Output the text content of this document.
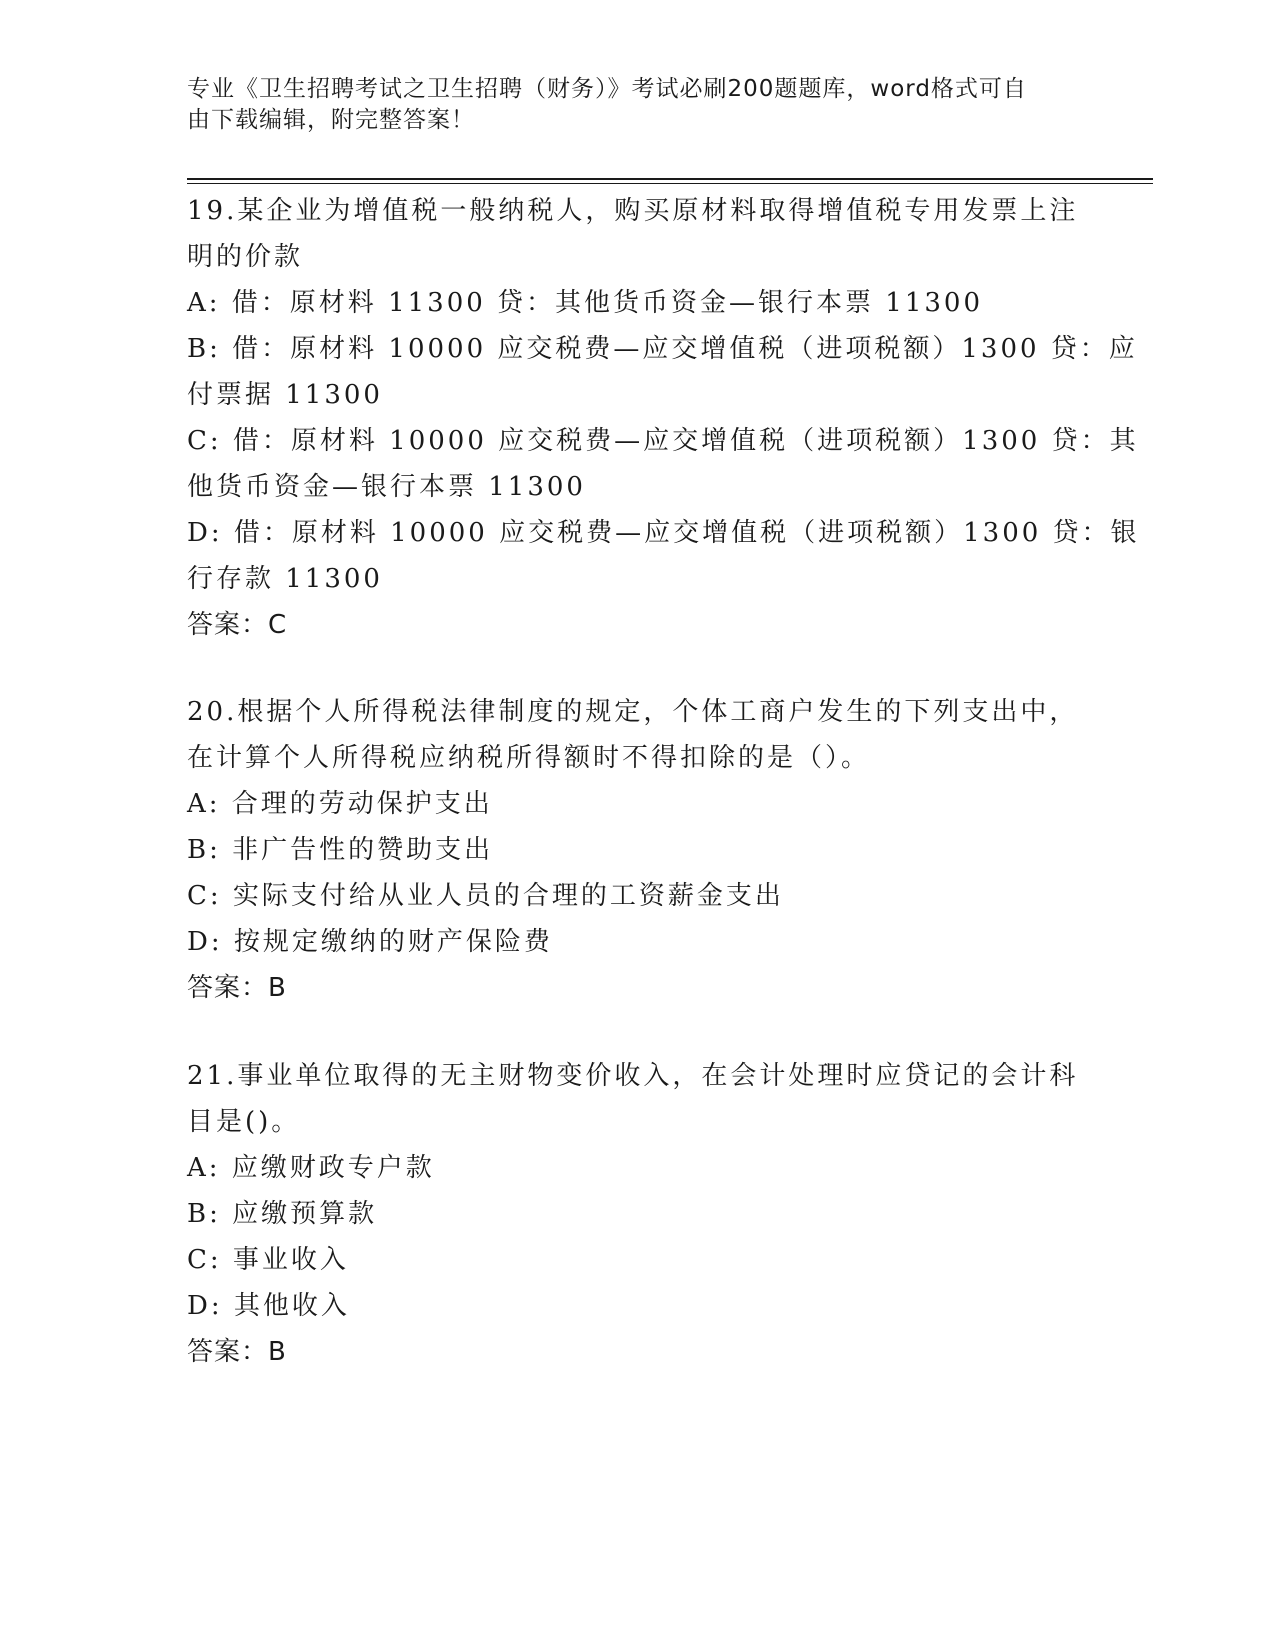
专业《卫生招聘考试之卫生招聘（财务）》考试必刷200题题库，word格式可自
由下载编辑，附完整答案！
19.某企业为增值税一般纳税人，购买原材料取得增值税专用发票上注
明的价款
A: 借：原材料 11300 贷：其他货币资金—银行本票 11300
B: 借：原材料 10000 应交税费—应交增值税（进项税额）1300 贷：应
付票据 11300
C: 借：原材料 10000 应交税费—应交增值税（进项税额）1300 贷：其
他货币资金—银行本票 11300
D: 借：原材料 10000 应交税费—应交增值税（进项税额）1300 贷：银
行存款 11300
答案：C
20.根据个人所得税法律制度的规定，个体工商户发生的下列支出中，
在计算个人所得税应纳税所得额时不得扣除的是（）。
A: 合理的劳动保护支出
B: 非广告性的赞助支出
C: 实际支付给从业人员的合理的工资薪金支出
D: 按规定缴纳的财产保险费
答案：B
21.事业单位取得的无主财物变价收入，在会计处理时应贷记的会计科
目是()。
A: 应缴财政专户款
B: 应缴预算款
C: 事业收入
D: 其他收入
答案：B
